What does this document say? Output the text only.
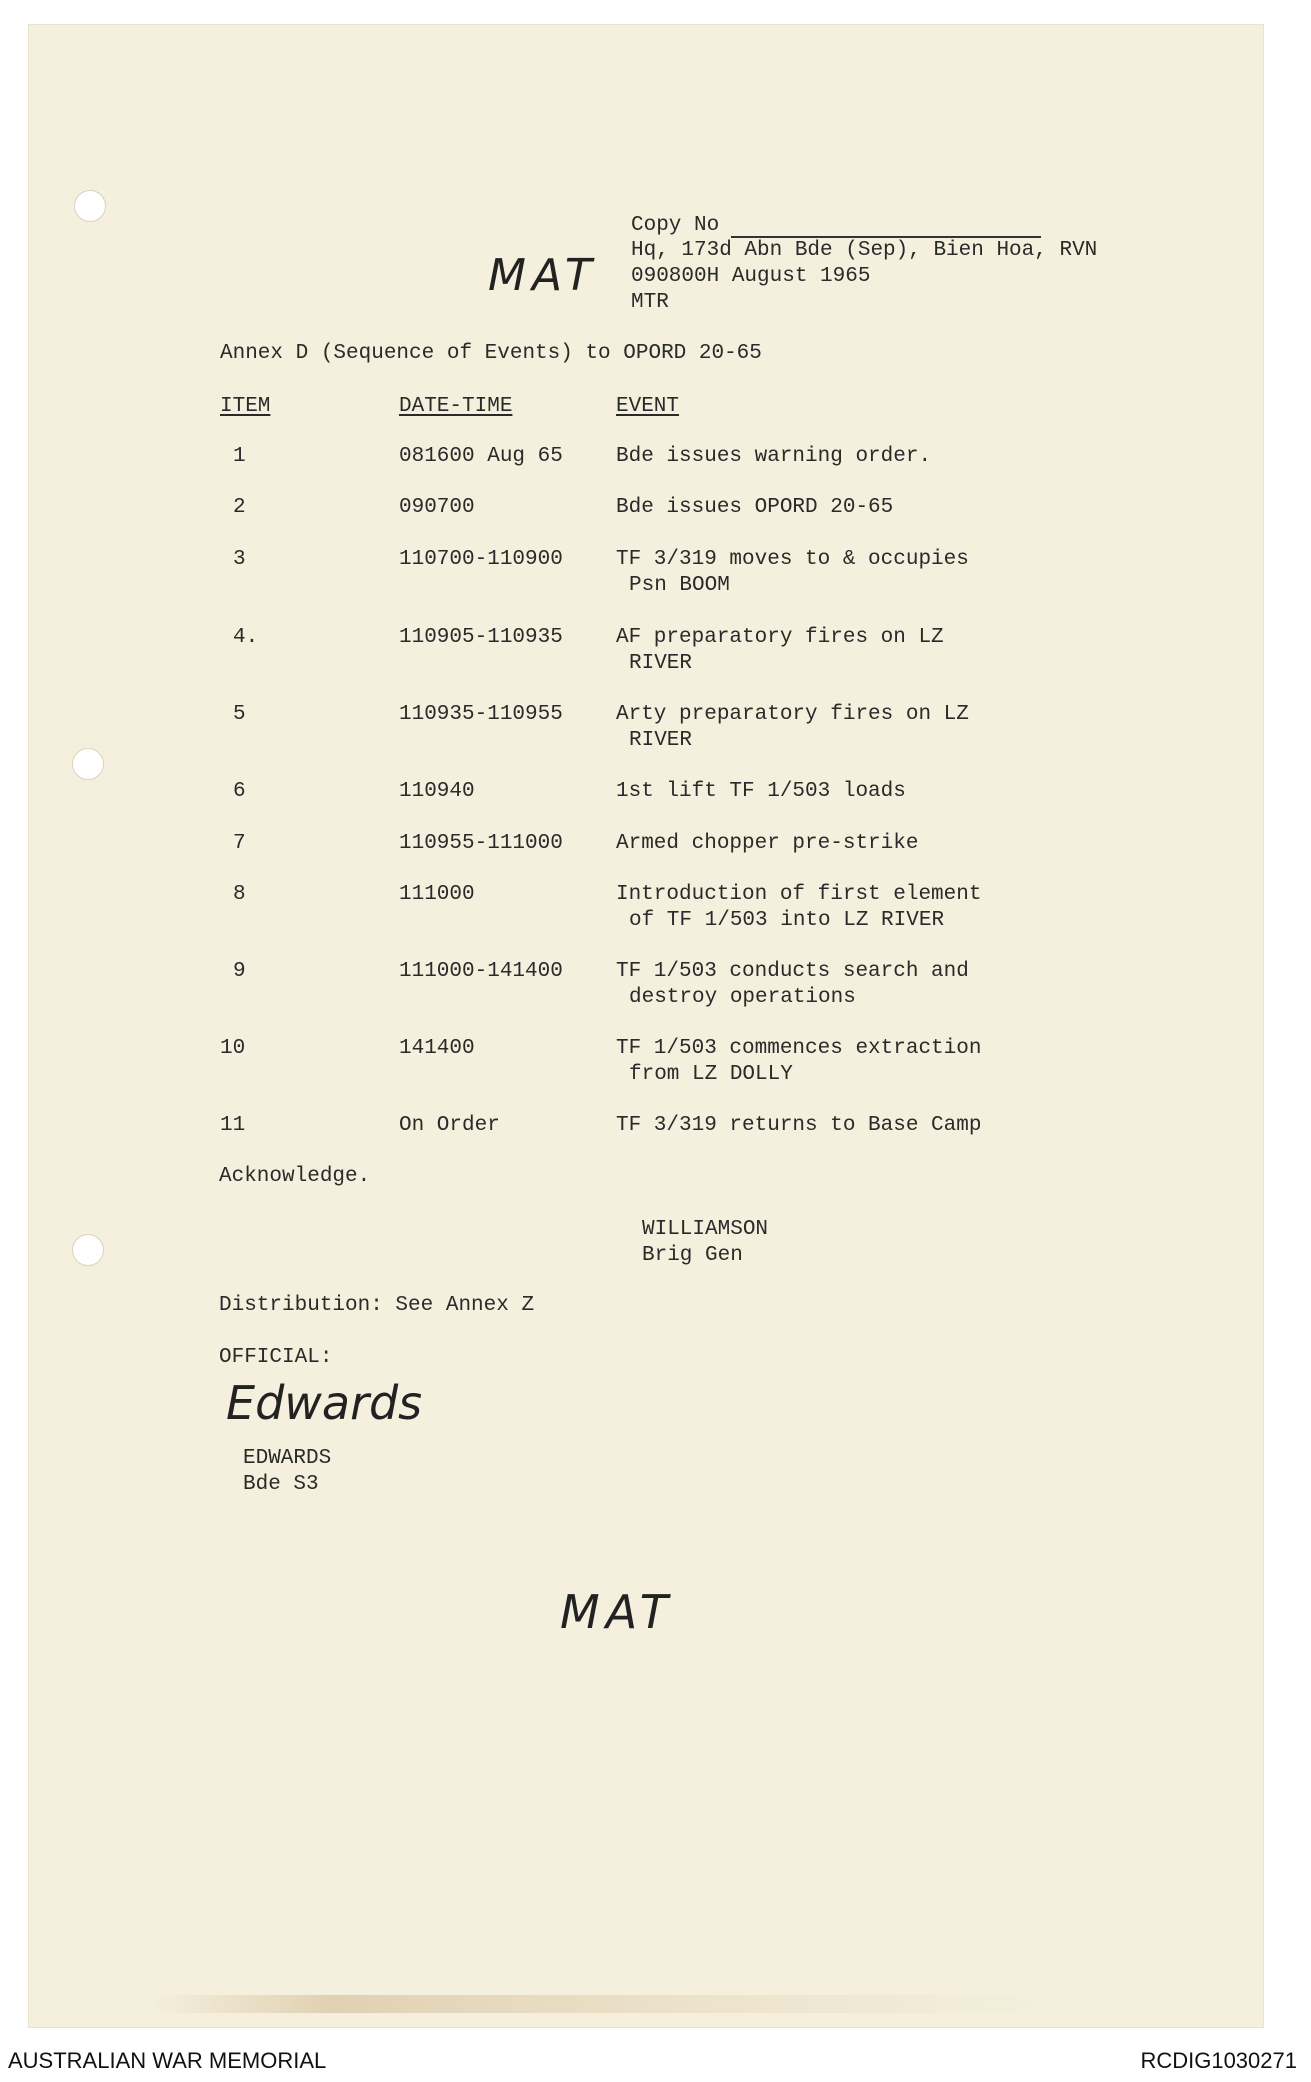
Copy No
Hq, 173d Abn Bde (Sep), Bien Hoa, RVN
090800H August 1965
MTR
MAT
Annex D (Sequence of Events) to OPORD 20-65
ITEM	DATE-TIME	EVENT
1	081600 Aug 65	Bde issues warning order.
2	090700	Bde issues OPORD 20-65
3	110700-110900	TF 3/319 moves to & occupies
Psn BOOM
4.	110905-110935	AF preparatory fires on LZ
RIVER
5	110935-110955	Arty preparatory fires on LZ
RIVER
6	110940	1st lift TF 1/503 loads
7	110955-111000	Armed chopper pre-strike
8	111000	Introduction of first element
of TF 1/503 into LZ RIVER
9	111000-141400	TF 1/503 conducts search and
destroy operations
10	141400	TF 1/503 commences extraction
from LZ DOLLY
11	On Order	TF 3/319 returns to Base Camp
Acknowledge.
WILLIAMSON
Brig Gen
Distribution: See Annex Z
OFFICIAL:
Edwards
EDWARDS
Bde S3
MAT
AUSTRALIAN WAR MEMORIAL	RCDIG1030271
